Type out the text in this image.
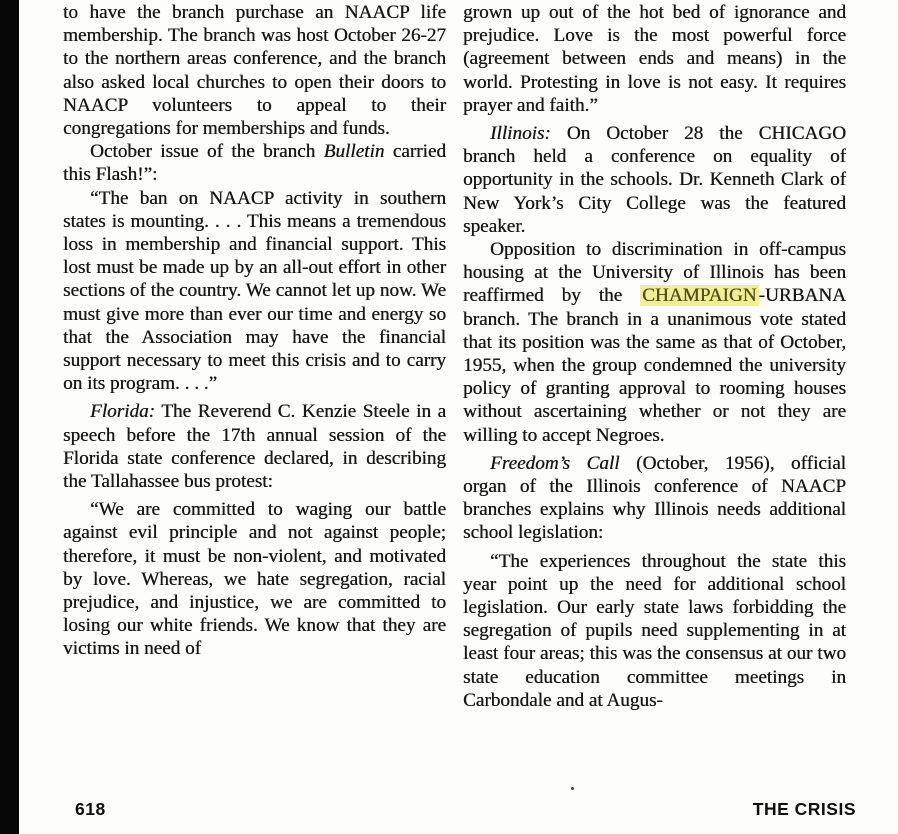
to have the branch purchase an NAACP life membership. The branch was host October 26-27 to the northern areas conference, and the branch also asked local churches to open their doors to NAACP volunteers to appeal to their congregations for memberships and funds.

October issue of the branch Bulletin carried this Flash!”:

“The ban on NAACP activity in southern states is mounting. . . . This means a tremendous loss in membership and financial support. This lost must be made up by an all-out effort in other sections of the country. We cannot let up now. We must give more than ever our time and energy so that the Association may have the financial support necessary to meet this crisis and to carry on its program. . . .”

Florida: The Reverend C. Kenzie Steele in a speech before the 17th annual session of the Florida state conference declared, in describing the Tallahassee bus protest:

“We are committed to waging our battle against evil principle and not against people; therefore, it must be non-violent, and motivated by love. Whereas, we hate segregation, racial prejudice, and injustice, we are committed to losing our white friends. We know that they are victims in need of

grown up out of the hot bed of ignorance and prejudice. Love is the most powerful force (agreement between ends and means) in the world. Protesting in love is not easy. It requires prayer and faith.”

Illinois: On October 28 the CHICAGO branch held a conference on equality of opportunity in the schools. Dr. Kenneth Clark of New York’s City College was the featured speaker.

Opposition to discrimination in off-campus housing at the University of Illinois has been reaffirmed by the CHAMPAIGN -URBANA branch. The branch in a unanimous vote stated that its position was the same as that of October, 1955, when the group condemned the university policy of granting approval to rooming houses without ascertaining whether or not they are willing to accept Negroes.

Freedom’s Call (October, 1956), official organ of the Illinois conference of NAACP branches explains why Illinois needs additional school legislation:

“The experiences throughout the state this year point up the need for additional school legislation. Our early state laws forbidding the segregation of pupils need supplementing in at least four areas; this was the consensus at our two state education committee meetings in Carbondale and at Augus-

618	THE CRISIS
